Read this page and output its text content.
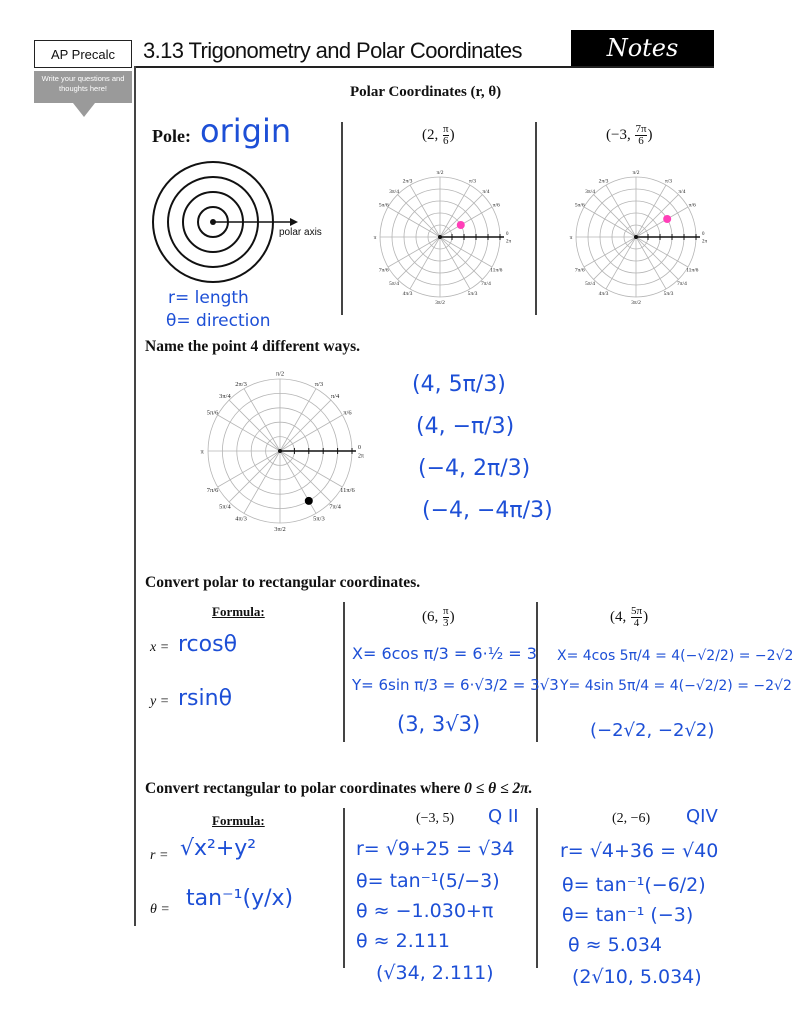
AP Precalc
Write your questions and thoughts here!
3.13 Trigonometry and Polar Coordinates	Notes
Polar Coordinates (r, θ)
Pole: origin
polar axis
r= length
θ= direction
(2, $\frac{\pi}{6}$ )	(−3, $\frac{7\pi}{6}$ )
π/6
π/4
π/3
π/2
2π/3
3π/4
5π/6
π
7π/6
5π/4
4π/3
3π/2
5π/3
7π/4
11π/6
0
2π
π/6
π/4
π/3
π/2
2π/3
3π/4
5π/6
π
7π/6
5π/4
4π/3
3π/2
5π/3
7π/4
11π/6
0
2π
Name the point 4 different ways.
π/6
π/4
π/3
π/2
2π/3
3π/4
5π/6
π
7π/6
5π/4
4π/3
3π/2
5π/3
7π/4
11π/6
0
2π
(4, 5π/3)
(4, −π/3)
(−4, 2π/3)
(−4, −4π/3)
Convert polar to rectangular coordinates.
Formula:
x = rcosθ
y = rsinθ
(6, $\frac{\pi}{3}$ )	(4, $\frac{5\pi}{4}$ )
X= 6cos π/3 = 6·½ = 3
Y= 6sin π/3 = 6·√3/2 = 3√3
(3, 3√3)
X= 4cos 5π/4 = 4(−√2/2) = −2√2
Y= 4sin 5π/4 = 4(−√2/2) = −2√2
(−2√2, −2√2)
Convert rectangular to polar coordinates where 0 ≤ θ ≤ 2π.
Formula:
r = √x²+y²
θ = tan⁻¹(y/x)
(−3, 5) Q II
r= √9+25 = √34
θ= tan⁻¹(5/−3)
θ ≈ −1.030+π
θ ≈ 2.111
(√34, 2.111)
(2, −6) QIV
r= √4+36 = √40
θ= tan⁻¹(−6/2)
θ= tan⁻¹ (−3)
θ ≈ 5.034
(2√10, 5.034)
